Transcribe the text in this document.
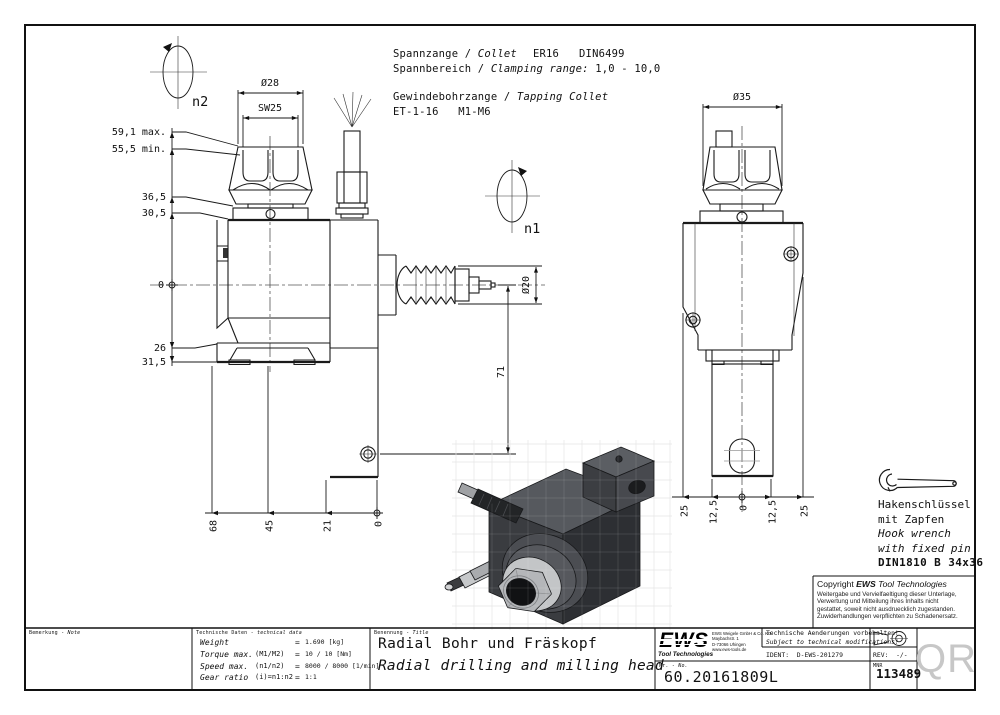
Ø28
SW25
59,1 max.
55,5 min.
36,5
30,5
0
26
31,5
68	45	21	0
71
Ø20
n2
n1
Ø35
25 12,5 0 12,5 25
Spannzange / Collet ER16 DIN6499
Spannbereich / Clamping range: 1,0 - 10,0
Gewindebohrzange / Tapping Collet
ET-1-16   M1-M6
Hakenschlüssel
mit Zapfen
Hook wrench
with fixed pin
DIN1810 B 34x36
Copyright EWS Tool Technologies
Weitergabe und Vervielfaeltigung dieser Unterlage,
Verwertung und Mitteilung ihres Inhalts nicht
gestattet, soweit nicht ausdruecklich zugestanden.
Zuwiderhandlungen verpflichten zu Schadenersatz.
Bemerkung - Note	Technische Daten - technical data
Weight	= 1.690 [kg]
Torque max. (M1/M2)	= 10 / 10 [Nm]
Speed max. (n1/n2)	= 8000 / 8000 [1/min]
Gear ratio (i)=n1:n2 = 1:1
Benennung - Title
Radial Bohr und Fräskopf
Radial drilling and milling head
Tool Technologies
EWS Weigele GmbH & Co. KG
Maybachstr. 1
D-73066 Uhingen
www.ews-tools.de
Technische Aenderungen vorbehalten!
Subject to technical modifications!
IDENT:  D-EWS-201279	REV:  -/-
Nr. - No.
60.20161809L
MNR
113489
QR
